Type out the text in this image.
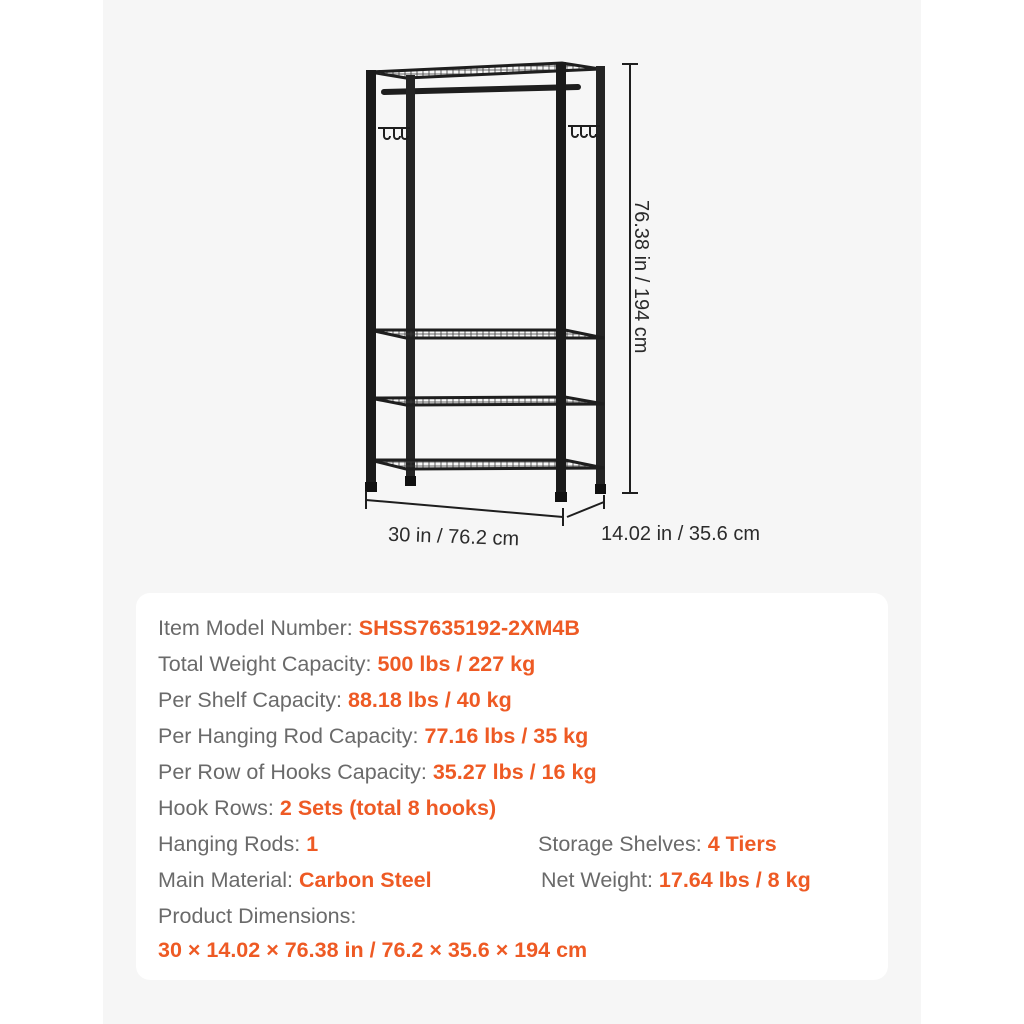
76.38 in / 194 cm
30 in / 76.2 cm	14.02 in / 35.6 cm
Item Model Number: SHSS7635192-2XM4B
Total Weight Capacity: 500 lbs / 227 kg
Per Shelf Capacity: 88.18 lbs / 40 kg
Per Hanging Rod Capacity: 77.16 lbs / 35 kg
Per Row of Hooks Capacity: 35.27 lbs / 16 kg
Hook Rows: 2 Sets (total 8 hooks)
Hanging Rods: 1	Storage Shelves: 4 Tiers
Main Material: Carbon Steel	Net Weight: 17.64 lbs / 8 kg
Product Dimensions:
30 × 14.02 × 76.38 in / 76.2 × 35.6 × 194 cm
